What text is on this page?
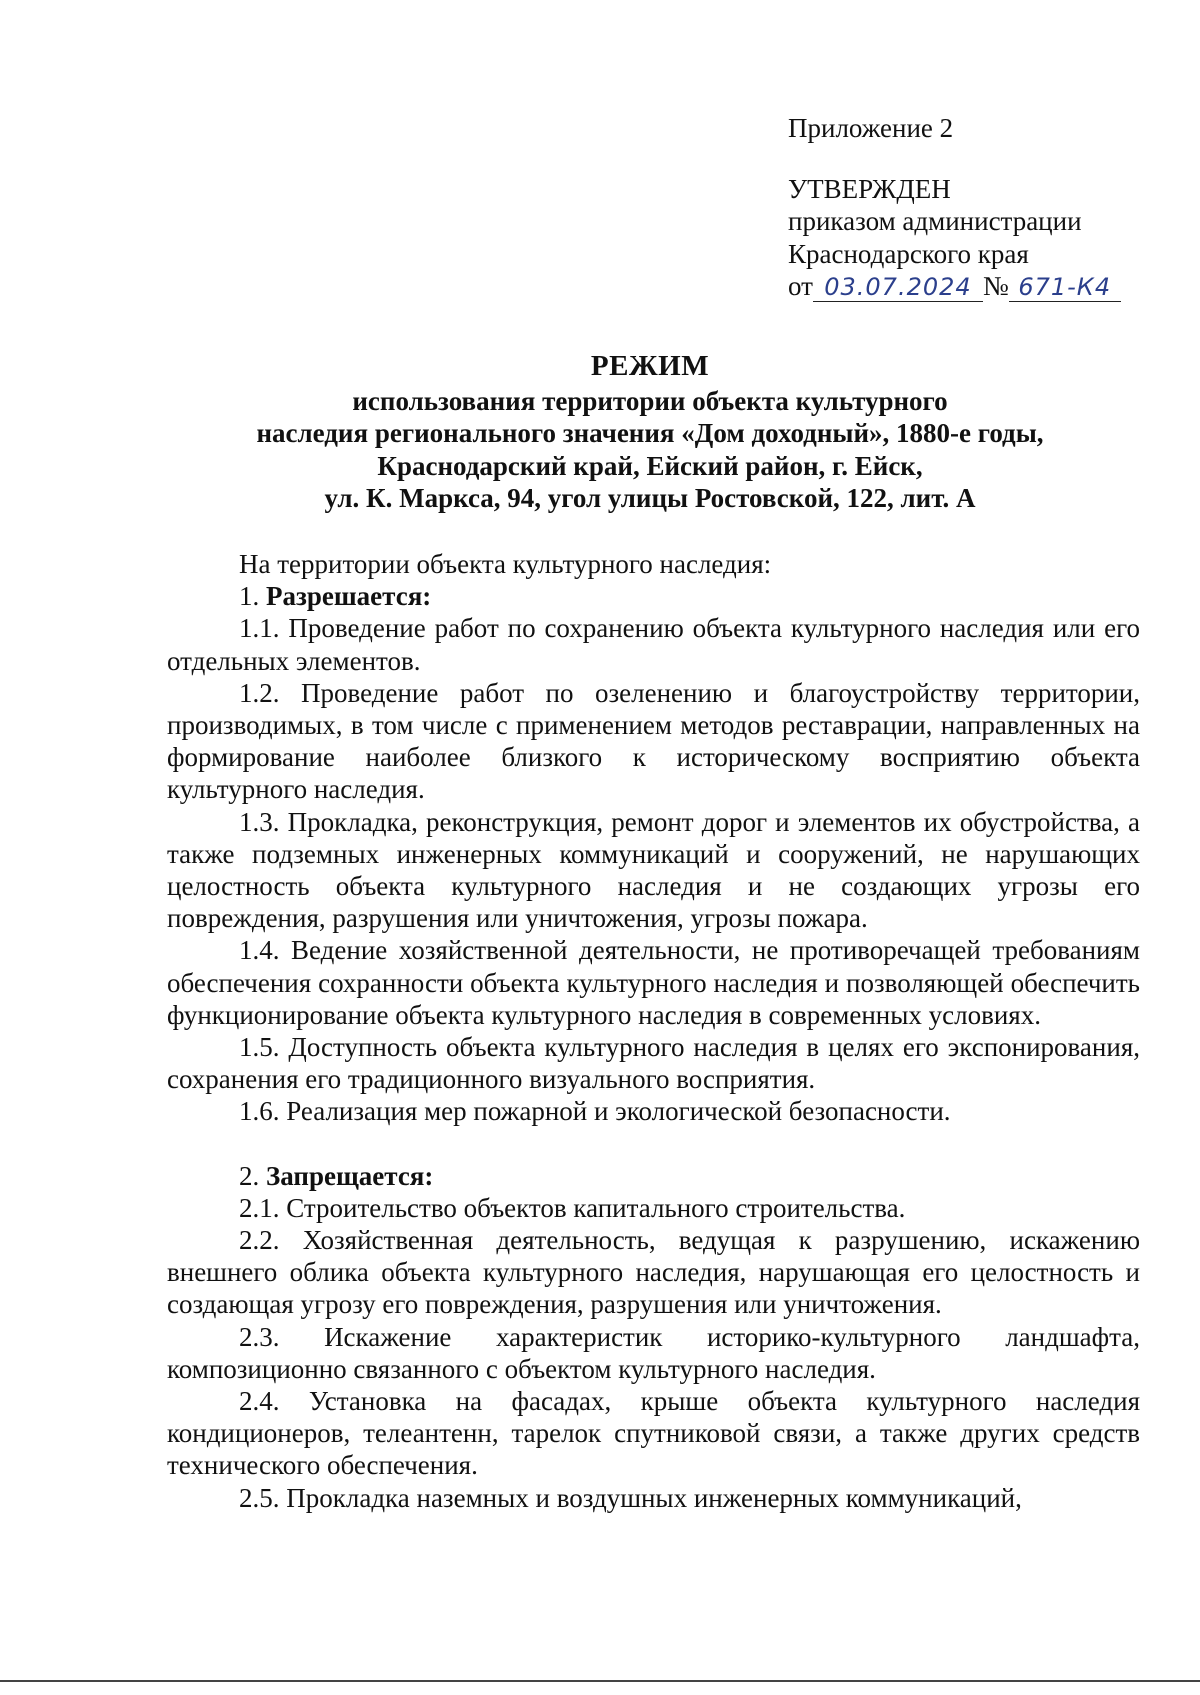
Приложение 2
УТВЕРЖДЕН
приказом администрации
Краснодарского края
от 03.07.2024 № 671-К4
РЕЖИМ
использования территории объекта культурного
наследия регионального значения «Дом доходный», 1880-е годы,
Краснодарский край, Ейский район, г. Ейск,
ул. К. Маркса, 94, угол улицы Ростовской, 122, лит. А

На территории объекта культурного наследия:

1. Разрешается:

1.1. Проведение работ по сохранению объекта культурного наследия или его отдельных элементов.

1.2. Проведение работ по озеленению и благоустройству территории, производимых, в том числе с применением методов реставрации, направленных на формирование наиболее близкого к историческому восприятию объекта культурного наследия.

1.3. Прокладка, реконструкция, ремонт дорог и элементов их обустройства, а также подземных инженерных коммуникаций и сооружений, не нарушающих целостность объекта культурного наследия и не создающих угрозы его повреждения, разрушения или уничтожения, угрозы пожара.

1.4. Ведение хозяйственной деятельности, не противоречащей требованиям обеспечения сохранности объекта культурного наследия и позволяющей обеспечить функционирование объекта культурного наследия в современных условиях.

1.5. Доступность объекта культурного наследия в целях его экспонирования, сохранения его традиционного визуального восприятия.

1.6. Реализация мер пожарной и экологической безопасности.

2. Запрещается:

2.1. Строительство объектов капитального строительства.

2.2. Хозяйственная деятельность, ведущая к разрушению, искажению внешнего облика объекта культурного наследия, нарушающая его целостность и создающая угрозу его повреждения, разрушения или уничтожения.

2.3. Искажение характеристик историко-культурного ландшафта, композиционно связанного с объектом культурного наследия.

2.4. Установка на фасадах, крыше объекта культурного наследия кондиционеров, телеантенн, тарелок спутниковой связи, а также других средств технического обеспечения.

2.5. Прокладка наземных и воздушных инженерных коммуникаций,
